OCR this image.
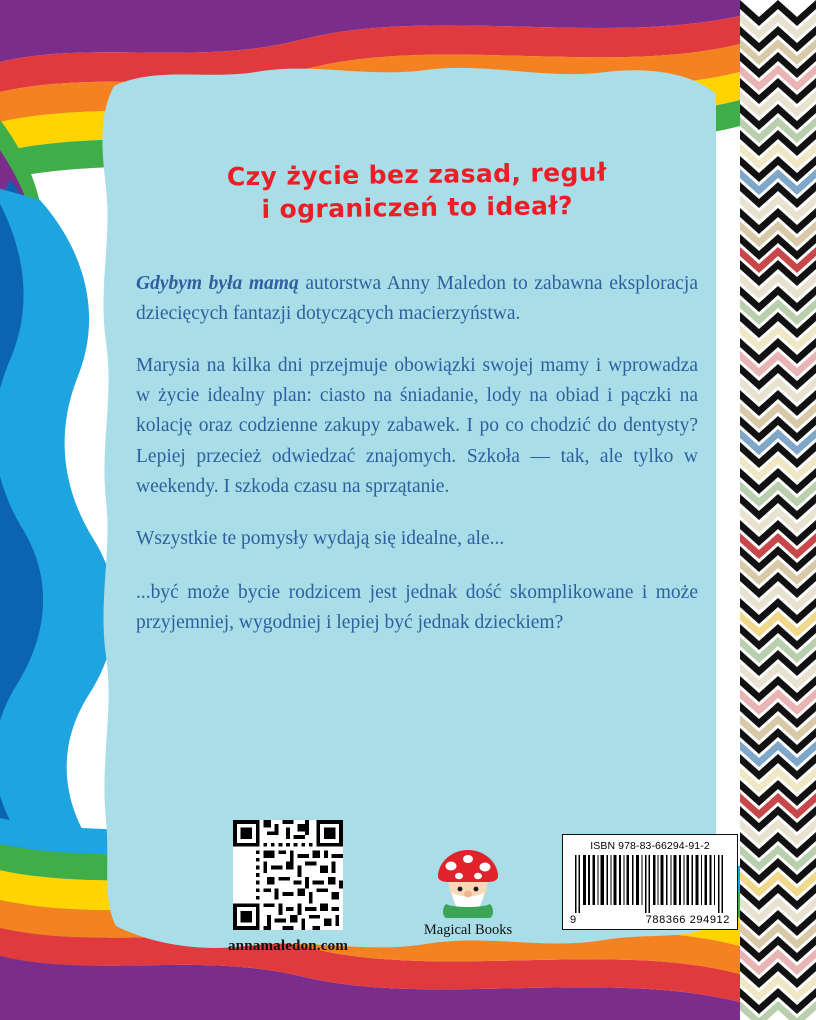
Czy życie bez zasad, reguł
i ograniczeń to ideał?

Gdybym była mamą autorstwa Anny Maledon to zabawna eksploracja dziecięcych fantazji dotyczących macierzyństwa.

Marysia na kilka dni przejmuje obowiązki swojej mamy i wprowadza w życie idealny plan: ciasto na śniadanie, lody na obiad i pączki na kolację oraz codzienne zakupy zabawek. I po co chodzić do dentysty? Lepiej przecież odwiedzać znajomych. Szkoła — tak, ale tylko w weekendy. I szkoda czasu na sprzątanie.

Wszystkie te pomysły wydają się idealne, ale...

...być może bycie rodzicem jest jednak dość skomplikowane i może przyjemniej, wygodniej i lepiej być jednak dzieckiem?

annamaledon.com
Magical Books
ISBN 978-83-66294-91-2
9	788366 294912
